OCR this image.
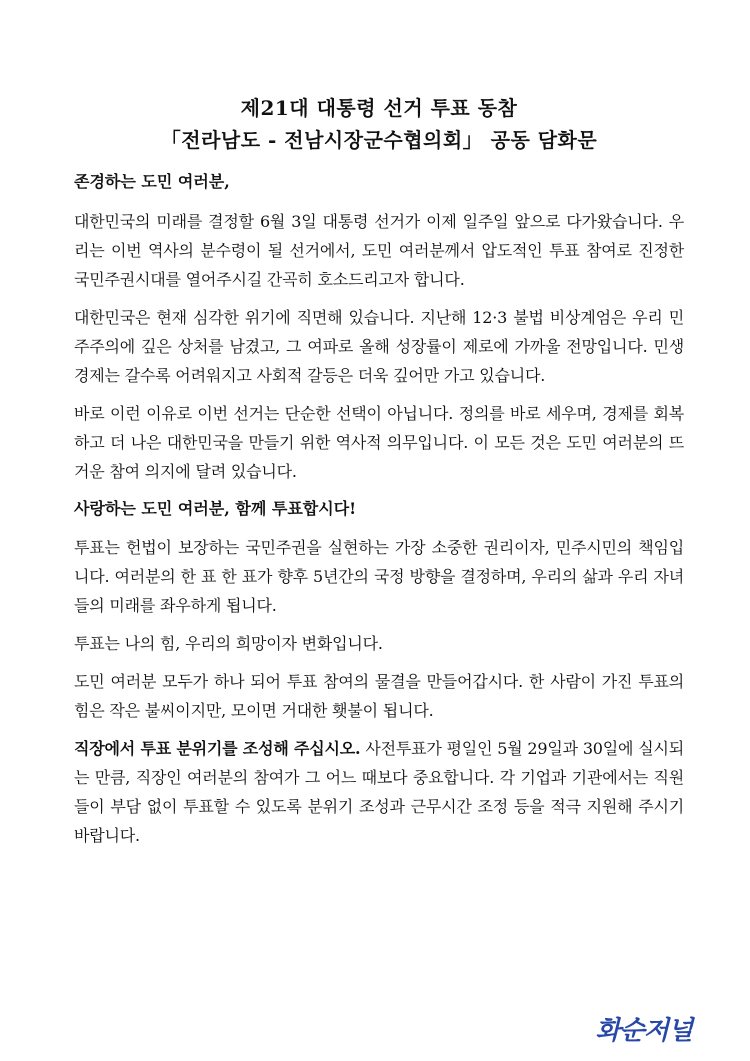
제21대 대통령 선거 투표 동참
「전라남도 - 전남시장군수협의회」 공동 담화문
존경하는 도민 여러분,

대한민국의 미래를 결정할 6월 3일 대통령 선거가 이제 일주일 앞으로 다가왔습니다. 우리는 이번 역사의 분수령이 될 선거에서, 도민 여러분께서 압도적인 투표 참여로 진정한 국민주권시대를 열어주시길 간곡히 호소드리고자 합니다.

대한민국은 현재 심각한 위기에 직면해 있습니다. 지난해 12·3 불법 비상계엄은 우리 민주주의에 깊은 상처를 남겼고, 그 여파로 올해 성장률이 제로에 가까울 전망입니다. 민생경제는 갈수록 어려워지고 사회적 갈등은 더욱 깊어만 가고 있습니다.

바로 이런 이유로 이번 선거는 단순한 선택이 아닙니다. 정의를 바로 세우며, 경제를 회복하고 더 나은 대한민국을 만들기 위한 역사적 의무입니다. 이 모든 것은 도민 여러분의 뜨거운 참여 의지에 달려 있습니다.

사랑하는 도민 여러분, 함께 투표합시다!

투표는 헌법이 보장하는 국민주권을 실현하는 가장 소중한 권리이자, 민주시민의 책임입니다. 여러분의 한 표 한 표가 향후 5년간의 국정 방향을 결정하며, 우리의 삶과 우리 자녀들의 미래를 좌우하게 됩니다.

투표는 나의 힘, 우리의 희망이자 변화입니다.

도민 여러분 모두가 하나 되어 투표 참여의 물결을 만들어갑시다. 한 사람이 가진 투표의 힘은 작은 불씨이지만, 모이면 거대한 횃불이 됩니다.

직장에서 투표 분위기를 조성해 주십시오. 사전투표가 평일인 5월 29일과 30일에 실시되는 만큼, 직장인 여러분의 참여가 그 어느 때보다 중요합니다. 각 기업과 기관에서는 직원들이 부담 없이 투표할 수 있도록 분위기 조성과 근무시간 조정 등을 적극 지원해 주시기 바랍니다.

화순저널
